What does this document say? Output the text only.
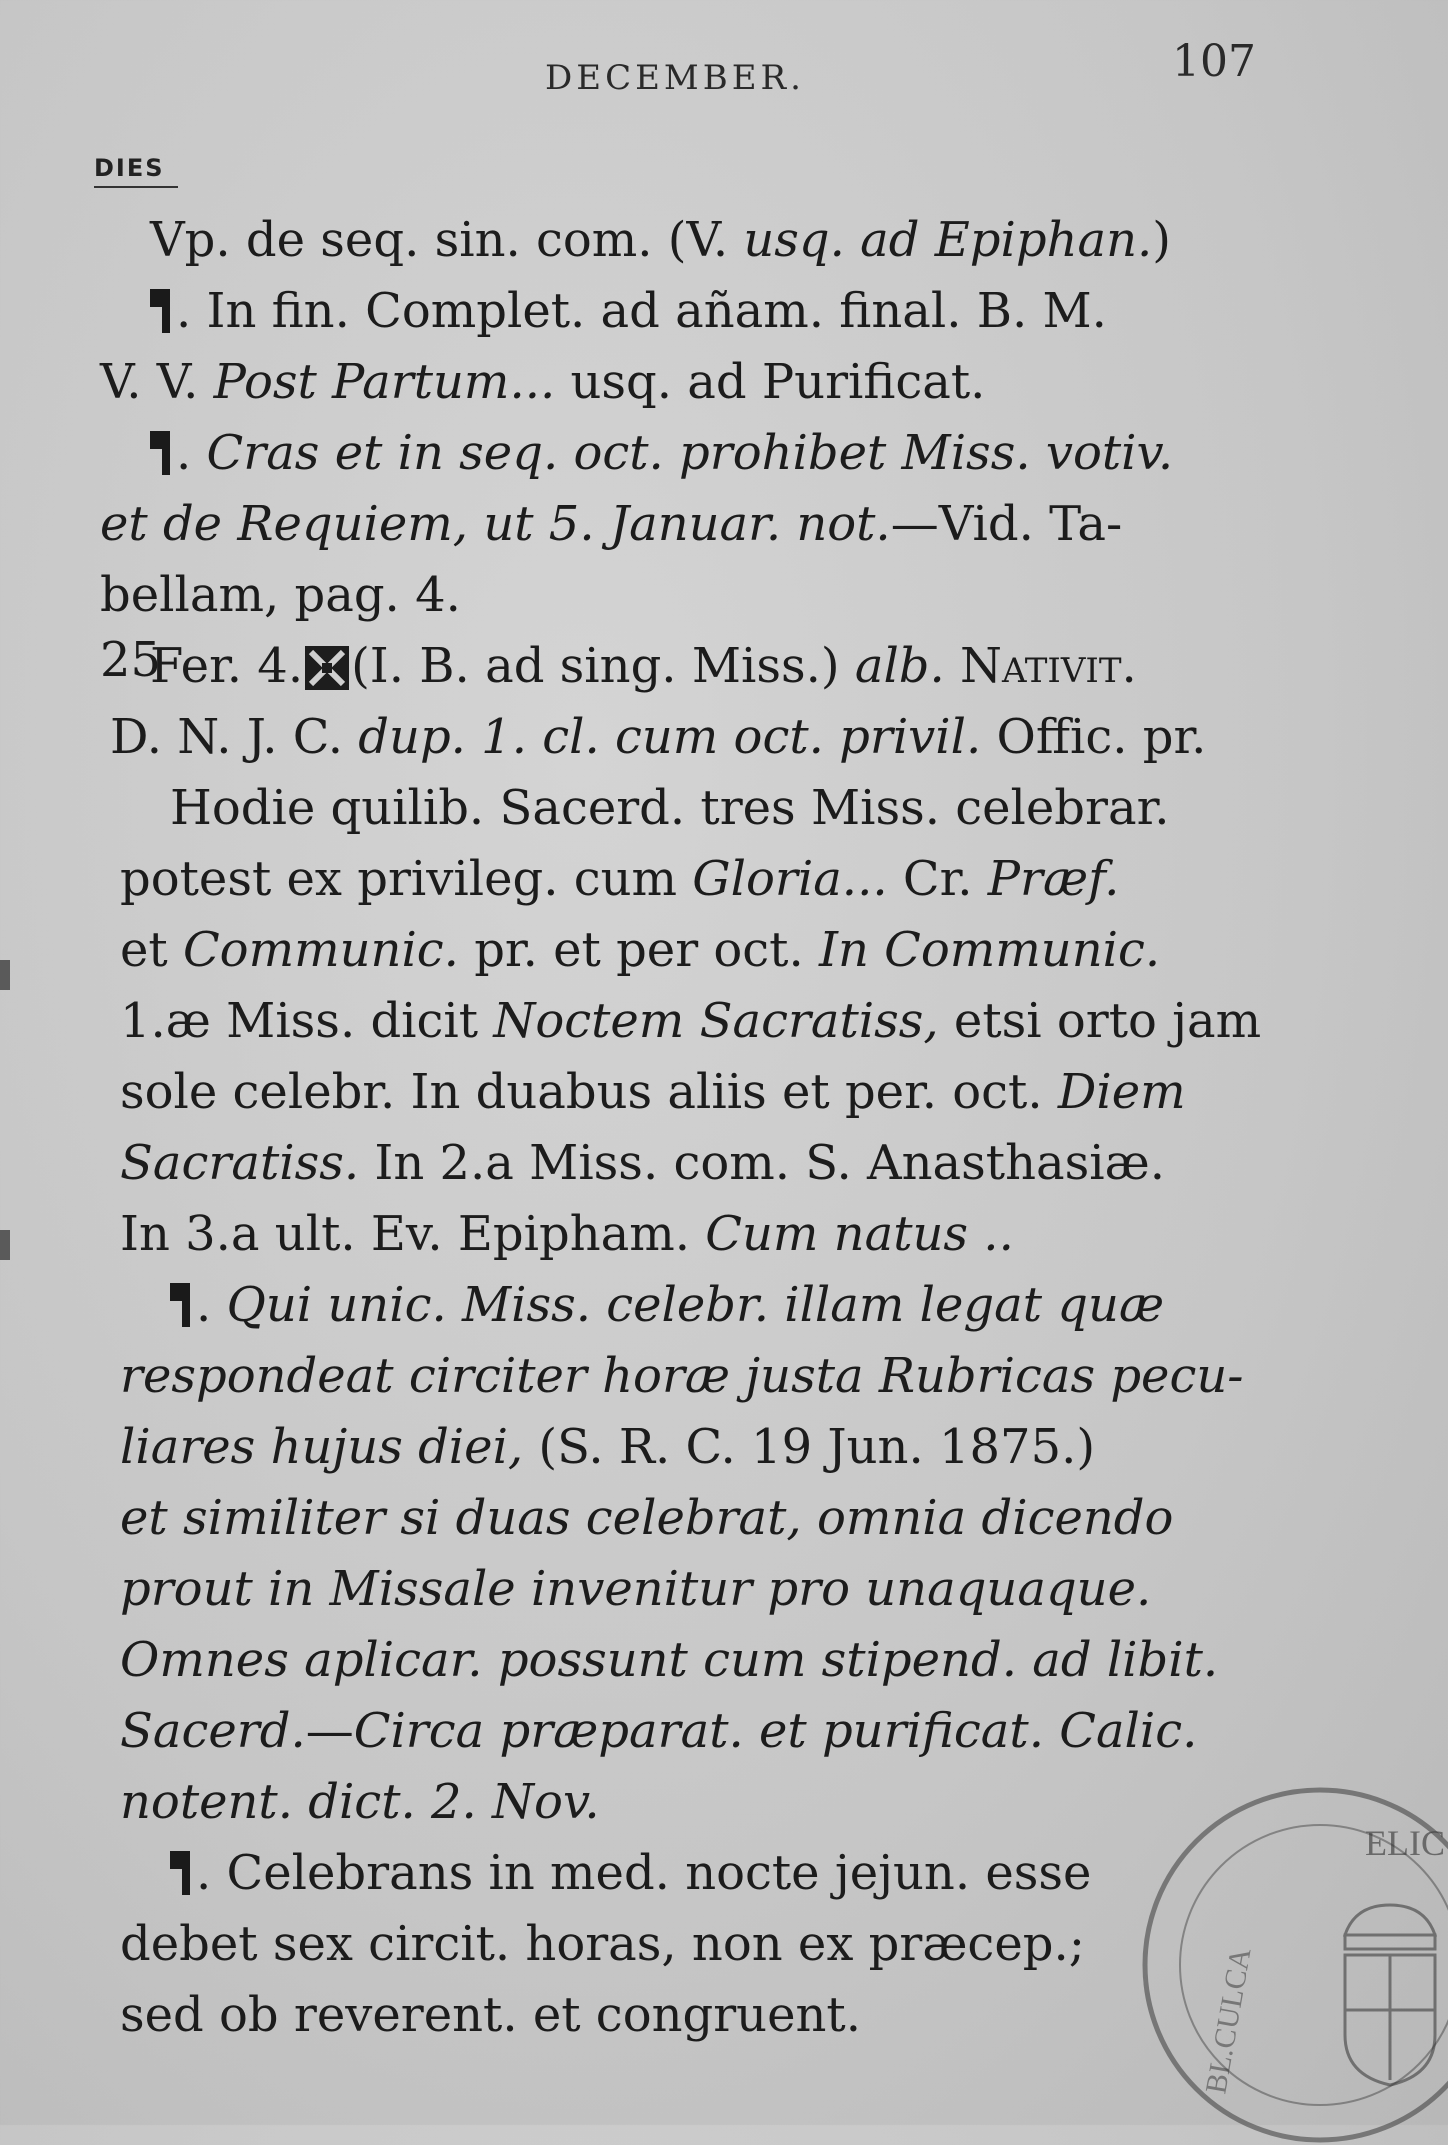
DECEMBER.	107
DIES
25
Vp. de seq. sin. com. (V. usq. ad Epiphan.)
. In fin. Complet. ad añam. final. B. M.
V. V. Post Partum... usq. ad Purificat.
. Cras et in seq. oct. prohibet Miss. votiv.
et de Requiem, ut 5. Januar. not.—Vid. Ta-
bellam, pag. 4.
Fer. 4. (I. B. ad sing. Miss.) alb. Nativit.
D. N. J. C. dup. 1. cl. cum oct. privil. Offic. pr.
Hodie quilib. Sacerd. tres Miss. celebrar.
potest ex privileg. cum Gloria... Cr. Præf.
et Communic. pr. et per oct. In Communic.
1.æ Miss. dicit Noctem Sacratiss, etsi orto jam
sole celebr. In duabus aliis et per. oct. Diem
Sacratiss. In 2.a Miss. com. S. Anasthasiæ.
In 3.a ult. Ev. Epipham. Cum natus ..
. Qui unic. Miss. celebr. illam legat quæ
respondeat circiter horæ justa Rubricas pecu-
liares hujus diei, (S. R. C. 19 Jun. 1875.)
et similiter si duas celebrat, omnia dicendo
prout in Missale invenitur pro unaquaque.
Omnes aplicar. possunt cum stipend. ad libit.
Sacerd.—Circa præparat. et purificat. Calic.
notent. dict. 2. Nov.
. Celebrans in med. nocte jejun. esse
debet sex circit. horas, non ex præcep.;
sed ob reverent. et congruent.
ELIC
BL.CULCA
